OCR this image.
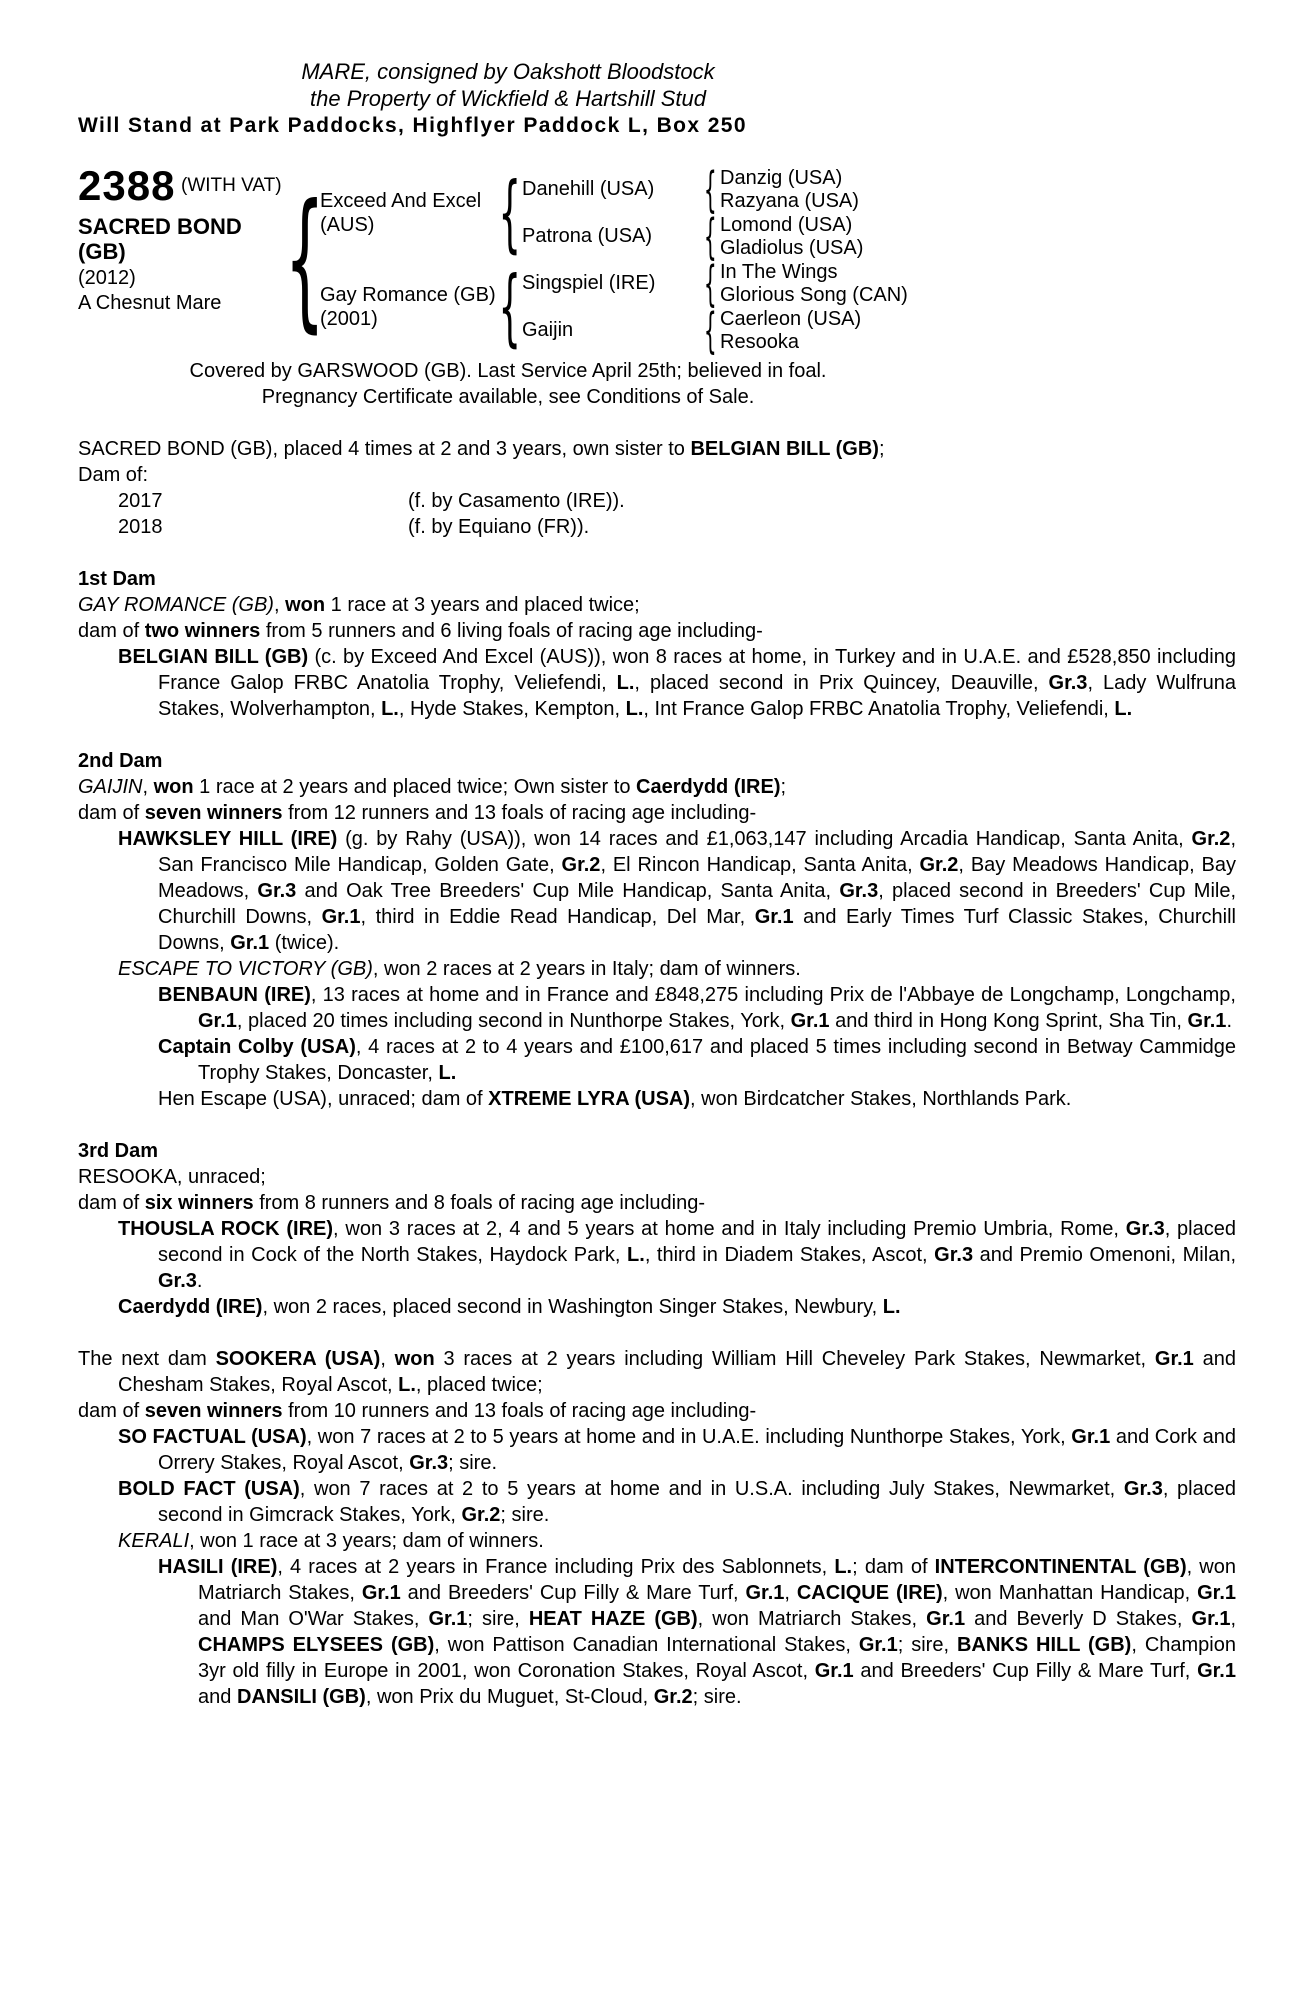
MARE, consigned by Oakshott Bloodstock
the Property of Wickfield & Hartshill Stud
Will Stand at Park Paddocks, Highflyer Paddock L, Box 250
2388 (WITH VAT)
SACRED BOND
(GB)
(2012)
A Chesnut Mare {
Exceed And Excel
(AUS)	{ Danehill (USA)	{ Danzig (USA)
Razyana (USA)
Patrona (USA)	{ Lomond (USA)
Gladiolus (USA)
Gay Romance (GB)
(2001)	{ Singspiel (IRE)	{ In The Wings
Glorious Song (CAN)
Gaijin	{ Caerleon (USA)
Resooka
Covered by GARSWOOD (GB). Last Service April 25th; believed in foal.
Pregnancy Certificate available, see Conditions of Sale.
SACRED BOND (GB), placed 4 times at 2 and 3 years, own sister to BELGIAN BILL (GB);
Dam of:
2017	(f. by Casamento (IRE)).
2018	(f. by Equiano (FR)).
1st Dam
GAY ROMANCE (GB), won 1 race at 3 years and placed twice;
dam of two winners from 5 runners and 6 living foals of racing age including-
BELGIAN BILL (GB) (c. by Exceed And Excel (AUS)), won 8 races at home, in Turkey and in U.A.E. and £528,850 including France Galop FRBC Anatolia Trophy, Veliefendi, L., placed second in Prix Quincey, Deauville, Gr.3, Lady Wulfruna Stakes, Wolverhampton, L., Hyde Stakes, Kempton, L., Int France Galop FRBC Anatolia Trophy, Veliefendi, L.
2nd Dam
GAIJIN, won 1 race at 2 years and placed twice; Own sister to Caerdydd (IRE);
dam of seven winners from 12 runners and 13 foals of racing age including-
HAWKSLEY HILL (IRE) (g. by Rahy (USA)), won 14 races and £1,063,147 including Arcadia Handicap, Santa Anita, Gr.2, San Francisco Mile Handicap, Golden Gate, Gr.2, El Rincon Handicap, Santa Anita, Gr.2, Bay Meadows Handicap, Bay Meadows, Gr.3 and Oak Tree Breeders' Cup Mile Handicap, Santa Anita, Gr.3, placed second in Breeders' Cup Mile, Churchill Downs, Gr.1, third in Eddie Read Handicap, Del Mar, Gr.1 and Early Times Turf Classic Stakes, Churchill Downs, Gr.1 (twice).
ESCAPE TO VICTORY (GB), won 2 races at 2 years in Italy; dam of winners.
BENBAUN (IRE), 13 races at home and in France and £848,275 including Prix de l'Abbaye de Longchamp, Longchamp, Gr.1, placed 20 times including second in Nunthorpe Stakes, York, Gr.1 and third in Hong Kong Sprint, Sha Tin, Gr.1.
Captain Colby (USA), 4 races at 2 to 4 years and £100,617 and placed 5 times including second in Betway Cammidge Trophy Stakes, Doncaster, L.
Hen Escape (USA), unraced; dam of XTREME LYRA (USA), won Birdcatcher Stakes, Northlands Park.
3rd Dam
RESOOKA, unraced;
dam of six winners from 8 runners and 8 foals of racing age including-
THOUSLA ROCK (IRE), won 3 races at 2, 4 and 5 years at home and in Italy including Premio Umbria, Rome, Gr.3, placed second in Cock of the North Stakes, Haydock Park, L., third in Diadem Stakes, Ascot, Gr.3 and Premio Omenoni, Milan, Gr.3.
Caerdydd (IRE), won 2 races, placed second in Washington Singer Stakes, Newbury, L.
The next dam SOOKERA (USA), won 3 races at 2 years including William Hill Cheveley Park Stakes, Newmarket, Gr.1 and Chesham Stakes, Royal Ascot, L., placed twice;
dam of seven winners from 10 runners and 13 foals of racing age including-
SO FACTUAL (USA), won 7 races at 2 to 5 years at home and in U.A.E. including Nunthorpe Stakes, York, Gr.1 and Cork and Orrery Stakes, Royal Ascot, Gr.3; sire.
BOLD FACT (USA), won 7 races at 2 to 5 years at home and in U.S.A. including July Stakes, Newmarket, Gr.3, placed second in Gimcrack Stakes, York, Gr.2; sire.
KERALI, won 1 race at 3 years; dam of winners.
HASILI (IRE), 4 races at 2 years in France including Prix des Sablonnets, L.; dam of INTERCONTINENTAL (GB), won Matriarch Stakes, Gr.1 and Breeders' Cup Filly & Mare Turf, Gr.1, CACIQUE (IRE), won Manhattan Handicap, Gr.1 and Man O'War Stakes, Gr.1; sire, HEAT HAZE (GB), won Matriarch Stakes, Gr.1 and Beverly D Stakes, Gr.1, CHAMPS ELYSEES (GB), won Pattison Canadian International Stakes, Gr.1; sire, BANKS HILL (GB), Champion 3yr old filly in Europe in 2001, won Coronation Stakes, Royal Ascot, Gr.1 and Breeders' Cup Filly & Mare Turf, Gr.1 and DANSILI (GB), won Prix du Muguet, St-Cloud, Gr.2; sire.
